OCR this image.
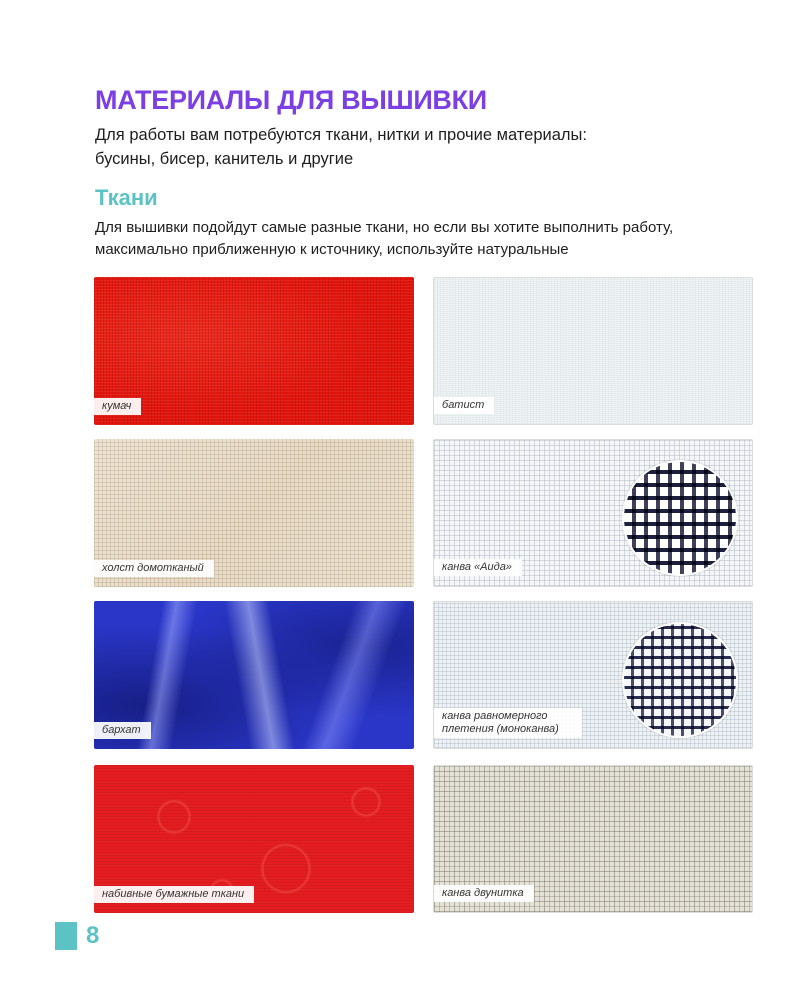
МАТЕРИАЛЫ ДЛЯ ВЫШИВКИ

Для работы вам потребуются ткани, нитки и прочие материалы:
бусины, бисер, канитель и другие

Ткани

Для вышивки подойдут самые разные ткани, но если вы хотите выполнить работу,
максимально приближенную к источнику, используйте натуральные

кумач	батист
холст домотканый	канва «Аида»
бархат
канва равномерного плетения (моноканва)
набивные бумажные ткани	канва двунитка
8
